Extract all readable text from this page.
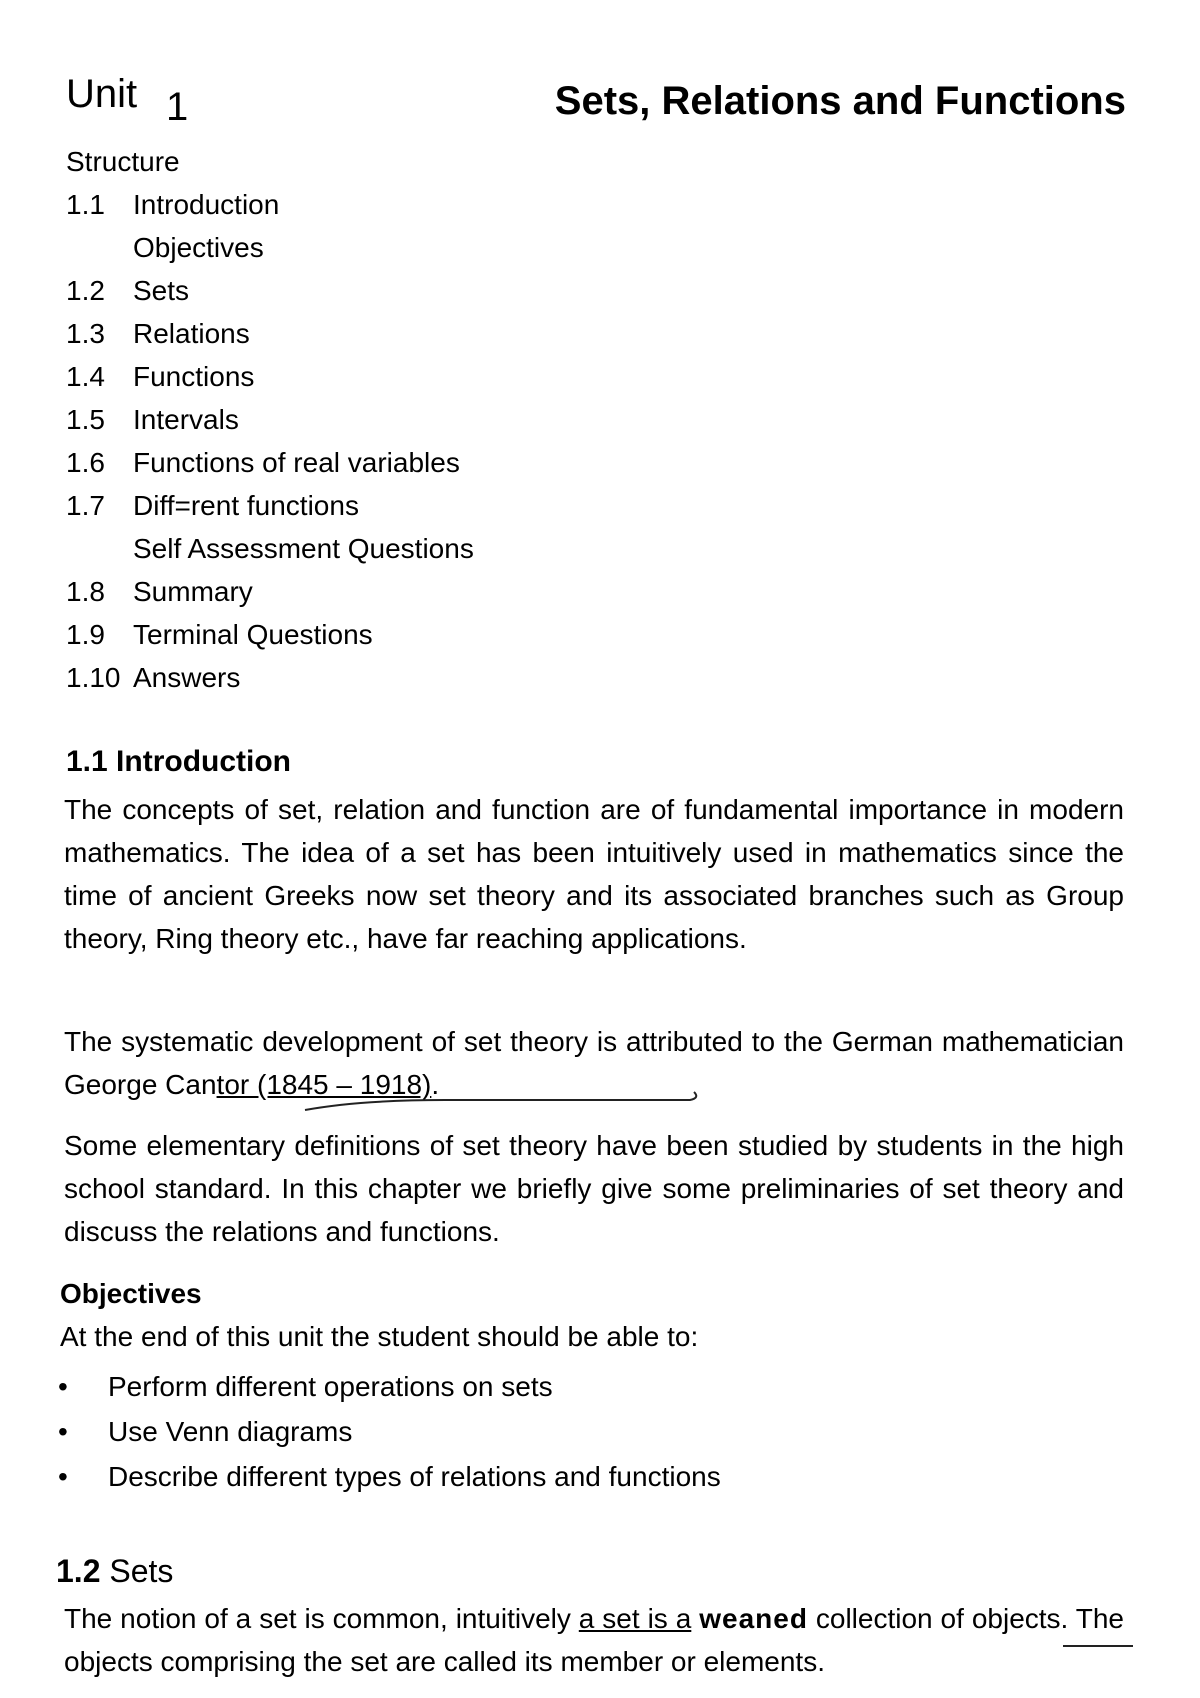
Unit 1	Sets, Relations and Functions
Structure
1.1 Introduction
Objectives
1.2 Sets
1.3 Relations
1.4 Functions
1.5 Intervals
1.6 Functions of real variables
1.7 Diff=rent functions
Self Assessment Questions
1.8 Summary
1.9 Terminal Questions
1.10 Answers
1.1 Introduction

The concepts of set, relation and function are of fundamental importance in modern mathematics. The idea of a set has been intuitively used in mathematics since the time of ancient Greeks now set theory and its associated branches such as Group theory, Ring theory etc., have far reaching applications.

The systematic development of set theory is attributed to the German mathematician George Cantor (1845 – 1918).

Some elementary definitions of set theory have been studied by students in the high school standard. In this chapter we briefly give some preliminaries of set theory and discuss the relations and functions.

Objectives
At the end of this unit the student should be able to:
• Perform different operations on sets
• Use Venn diagrams
• Describe different types of relations and functions
1.2 Sets

The notion of a set is common, intuitively a set is a weaned collection of objects. The objects comprising the set are called its member or elements.
